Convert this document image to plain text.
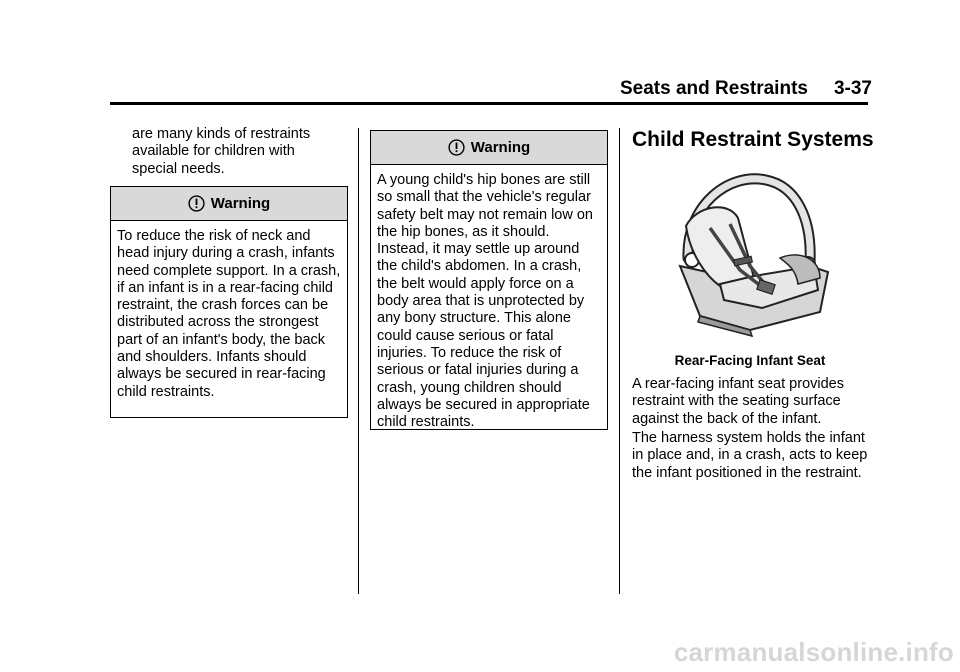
Seats and Restraints 3-37

are many kinds of restraints available for children with special needs.

Warning

To reduce the risk of neck and head injury during a crash, infants need complete support. In a crash, if an infant is in a rear-facing child restraint, the crash forces can be distributed across the strongest part of an infant's body, the back and shoulders. Infants should always be secured in rear-facing child restraints.

Warning

A young child's hip bones are still so small that the vehicle's regular safety belt may not remain low on the hip bones, as it should. Instead, it may settle up around the child's abdomen. In a crash, the belt would apply force on a body area that is unprotected by any bony structure. This alone could cause serious or fatal injuries. To reduce the risk of serious or fatal injuries during a crash, young children should always be secured in appropriate child restraints.

Child Restraint Systems

Rear-Facing Infant Seat

A rear-facing infant seat provides restraint with the seating surface against the back of the infant.

The harness system holds the infant in place and, in a crash, acts to keep the infant positioned in the restraint.

carmanualsonline.info
